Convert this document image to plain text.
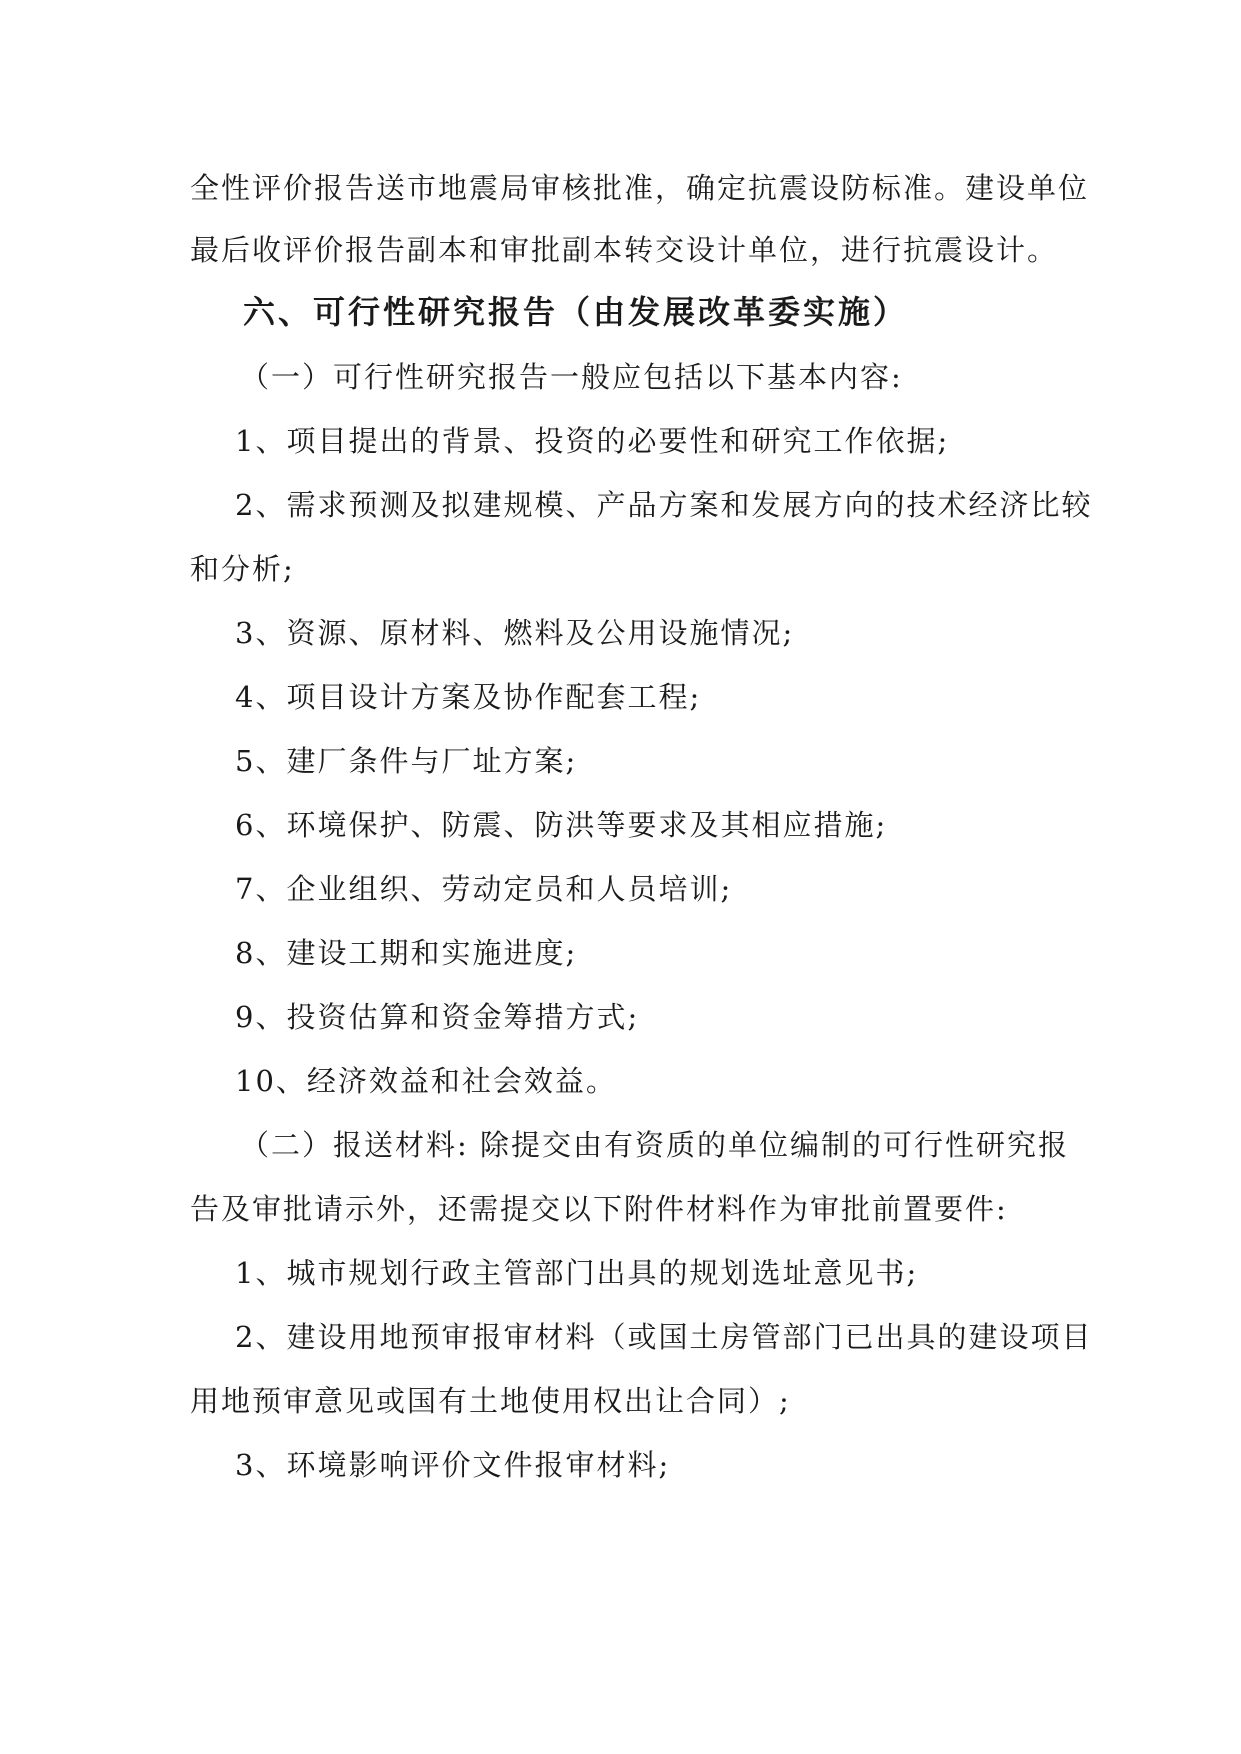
全性评价报告送市地震局审核批准，确定抗震设防标准。建设单位
最后收评价报告副本和审批副本转交设计单位，进行抗震设计。
六、可行性研究报告（由发展改革委实施）
（一）可行性研究报告一般应包括以下基本内容:
1、项目提出的背景、投资的必要性和研究工作依据;
2、需求预测及拟建规模、产品方案和发展方向的技术经济比较
和分析;
3、资源、原材料、燃料及公用设施情况;
4、项目设计方案及协作配套工程;
5、建厂条件与厂址方案;
6、环境保护、防震、防洪等要求及其相应措施;
7、企业组织、劳动定员和人员培训;
8、建设工期和实施进度;
9、投资估算和资金筹措方式;
10、经济效益和社会效益。
（二）报送材料: 除提交由有资质的单位编制的可行性研究报
告及审批请示外，还需提交以下附件材料作为审批前置要件:
1、城市规划行政主管部门出具的规划选址意见书;
2、建设用地预审报审材料（或国土房管部门已出具的建设项目
用地预审意见或国有土地使用权出让合同）;
3、环境影响评价文件报审材料;
